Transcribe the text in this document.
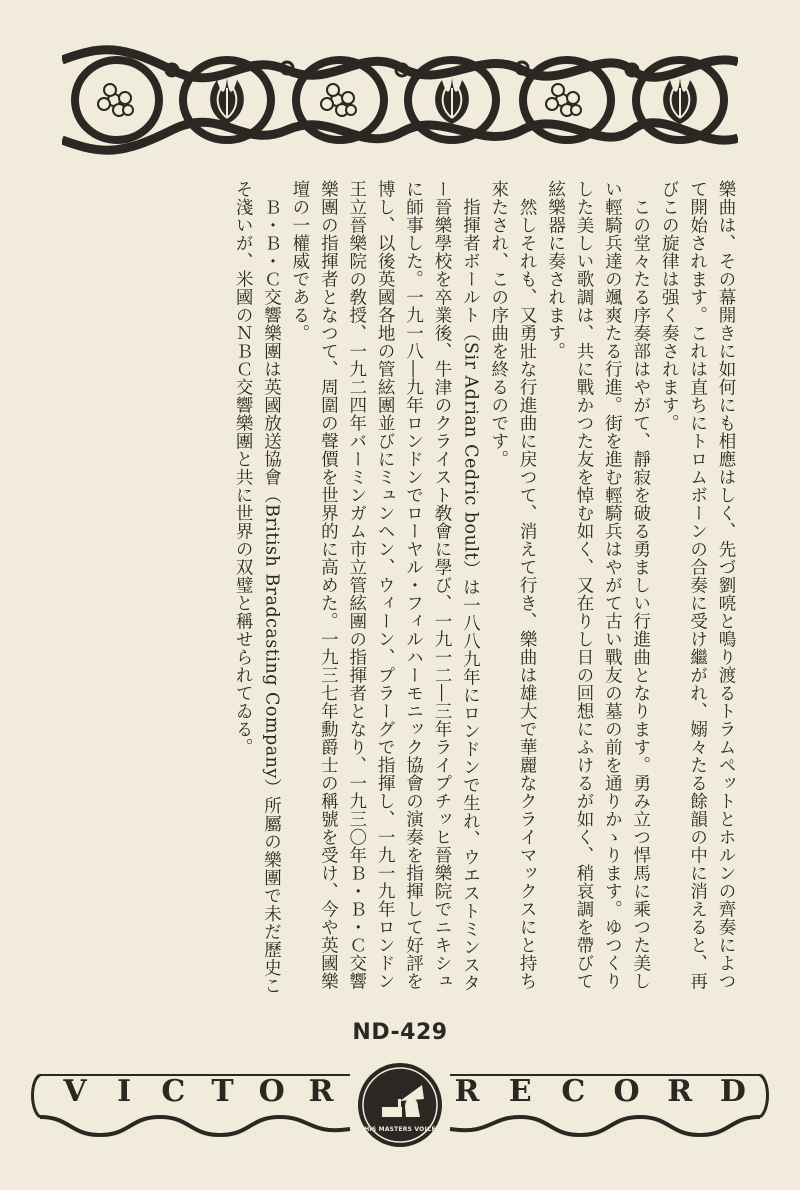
樂曲は、その幕開きに如何にも相應はしく、先づ劉喨と鳴り渡るトラムペットとホルンの齊奏によつて開始されます。これは直ちにトロムボーンの合奏に受け繼がれ、嫋々たる餘韻の中に消えると、再びこの旋律は强く奏されます。

この堂々たる序奏部はやがて、靜寂を破る勇ましい行進曲となります。勇み立つ悍馬に乘つた美しい輕騎兵達の颯爽たる行進。街を進む輕騎兵はやがて古い戰友の墓の前を通りかゝります。ゆつくりした美しい歌調は、共に戰かつた友を悼む如く、又在りし日の回想にふけるが如く、稍哀調を帶びて絃樂器に奏されます。

然しそれも、又勇壯な行進曲に戻つて、消えて行き、樂曲は雄大で華麗なクライマックスにと持ち來たされ、この序曲を終るのです。

指揮者ボールト（Sir Adrian Cedric boult）は一八八九年にロンドンで生れ、ウエストミンスター晉樂學校を卒業後、牛津のクライスト敎會に學び、一九一二―三年ライプチッヒ晉樂院でニキシュに師事した。一九一八―九年ロンドンでローヤル・フィルハーモニック協會の演奏を指揮して好評を博し、以後英國各地の管絃團並びにミュンヘン、ウィーン、プラーグで指揮し、一九一九年ロンドン王立晉樂院の敎授、一九二四年バーミンガム市立管絃團の指揮者となり、一九三〇年Ｂ・Ｂ・Ｃ交響樂團の指揮者となつて、周圍の聲價を世界的に高めた。一九三七年勳爵士の稱號を受け、今や英國樂壇の一權威である。

Ｂ・Ｂ・Ｃ交響樂團は英國放送協會（British Bradcasting Company）所屬の樂團で未だ歷史こそ淺いが、米國のＮＢＣ交響樂團と共に世界の双璧と稱せられてゐる。

ND-429
V	I	C T O R
HIS MASTERS VOICE
R E C O R D
